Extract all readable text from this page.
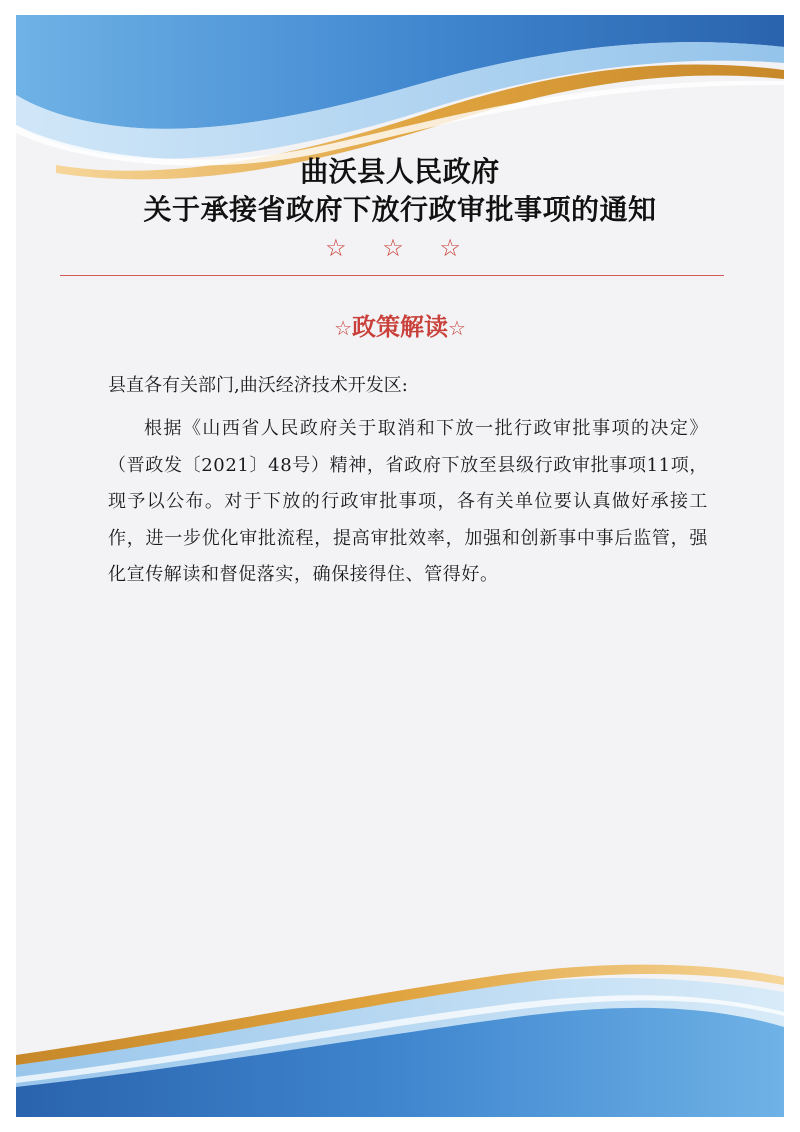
曲沃县人民政府
关于承接省政府下放行政审批事项的通知
☆ ☆ ☆
☆政策解读☆

县直各有关部门,曲沃经济技术开发区:

根据《山西省人民政府关于取消和下放一批行政审批事项的决定》（晋政发〔2021〕48号）精神，省政府下放至县级行政审批事项11项，现予以公布。对于下放的行政审批事项，各有关单位要认真做好承接工作，进一步优化审批流程，提高审批效率，加强和创新事中事后监管，强化宣传解读和督促落实，确保接得住、管得好。
